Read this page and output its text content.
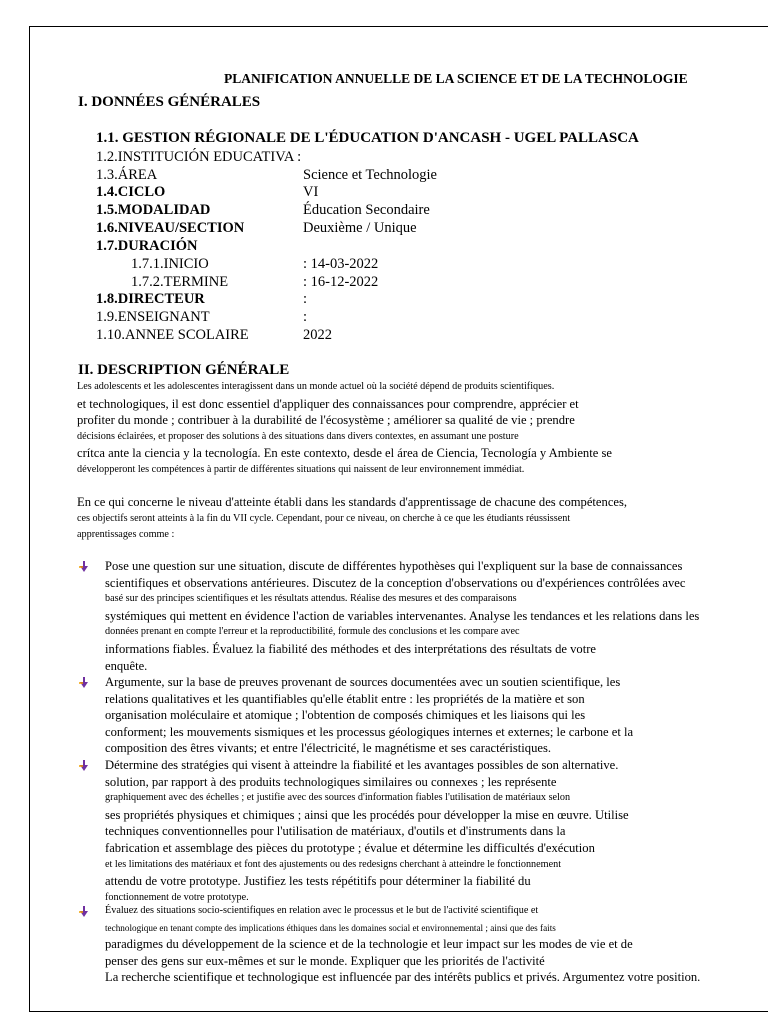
PLANIFICATION ANNUELLE DE LA SCIENCE ET DE LA TECHNOLOGIE
I. DONNÉES GÉNÉRALES
1.1. GESTION RÉGIONALE DE L'ÉDUCATION D'ANCASH - UGEL PALLASCA
1.2.INSTITUCIÓN EDUCATIVA :
1.3.ÁREA	Science et Technologie
1.4.CICLO	VI
1.5.MODALIDAD	Éducation Secondaire
1.6.NIVEAU/SECTION	Deuxième / Unique
1.7.DURACIÓN
1.7.1.INICIO	: 14-03-2022
1.7.2.TERMINE	: 16-12-2022
1.8.DIRECTEUR	:
1.9.ENSEIGNANT	:
1.10.ANNEE SCOLAIRE	2022
II. DESCRIPTION GÉNÉRALE
Les adolescents et les adolescentes interagissent dans un monde actuel où la société dépend de produits scientifiques.
et technologiques, il est donc essentiel d'appliquer des connaissances pour comprendre, apprécier et
profiter du monde ; contribuer à la durabilité de l'écosystème ; améliorer sa qualité de vie ; prendre
décisions éclairées, et proposer des solutions à des situations dans divers contextes, en assumant une posture
crítca ante la ciencia y la tecnología. En este contexto, desde el área de Ciencia, Tecnología y Ambiente se
développeront les compétences à partir de différentes situations qui naissent de leur environnement immédiat.
En ce qui concerne le niveau d'atteinte établi dans les standards d'apprentissage de chacune des compétences,
ces objectifs seront atteints à la fin du VII cycle. Cependant, pour ce niveau, on cherche à ce que les étudiants réussissent
apprentissages comme :
Pose une question sur une situation, discute de différentes hypothèses qui l'expliquent sur la base de connaissances
scientifiques et observations antérieures. Discutez de la conception d'observations ou d'expériences contrôlées avec
basé sur des principes scientifiques et les résultats attendus. Réalise des mesures et des comparaisons
systémiques qui mettent en évidence l'action de variables intervenantes. Analyse les tendances et les relations dans les
données prenant en compte l'erreur et la reproductibilité, formule des conclusions et les compare avec
informations fiables. Évaluez la fiabilité des méthodes et des interprétations des résultats de votre
enquête.
Argumente, sur la base de preuves provenant de sources documentées avec un soutien scientifique, les
relations qualitatives et les quantifiables qu'elle établit entre : les propriétés de la matière et son
organisation moléculaire et atomique ; l'obtention de composés chimiques et les liaisons qui les
conforment; les mouvements sismiques et les processus géologiques internes et externes; le carbone et la
composition des êtres vivants; et entre l'électricité, le magnétisme et ses caractéristiques.
Détermine des stratégies qui visent à atteindre la fiabilité et les avantages possibles de son alternative.
solution, par rapport à des produits technologiques similaires ou connexes ; les représente
graphiquement avec des échelles ; et justifie avec des sources d'information fiables l'utilisation de matériaux selon
ses propriétés physiques et chimiques ; ainsi que les procédés pour développer la mise en œuvre. Utilise
techniques conventionnelles pour l'utilisation de matériaux, d'outils et d'instruments dans la
fabrication et assemblage des pièces du prototype ; évalue et détermine les difficultés d'exécution
et les limitations des matériaux et font des ajustements ou des redesigns cherchant à atteindre le fonctionnement
attendu de votre prototype. Justifiez les tests répétitifs pour déterminer la fiabilité du
fonctionnement de votre prototype.
Évaluez des situations socio-scientifiques en relation avec le processus et le but de l'activité scientifique et
technologique en tenant compte des implications éthiques dans les domaines social et environnemental ; ainsi que des faits
paradigmes du développement de la science et de la technologie et leur impact sur les modes de vie et de
penser des gens sur eux-mêmes et sur le monde. Expliquer que les priorités de l'activité
La recherche scientifique et technologique est influencée par des intérêts publics et privés. Argumentez votre position.
